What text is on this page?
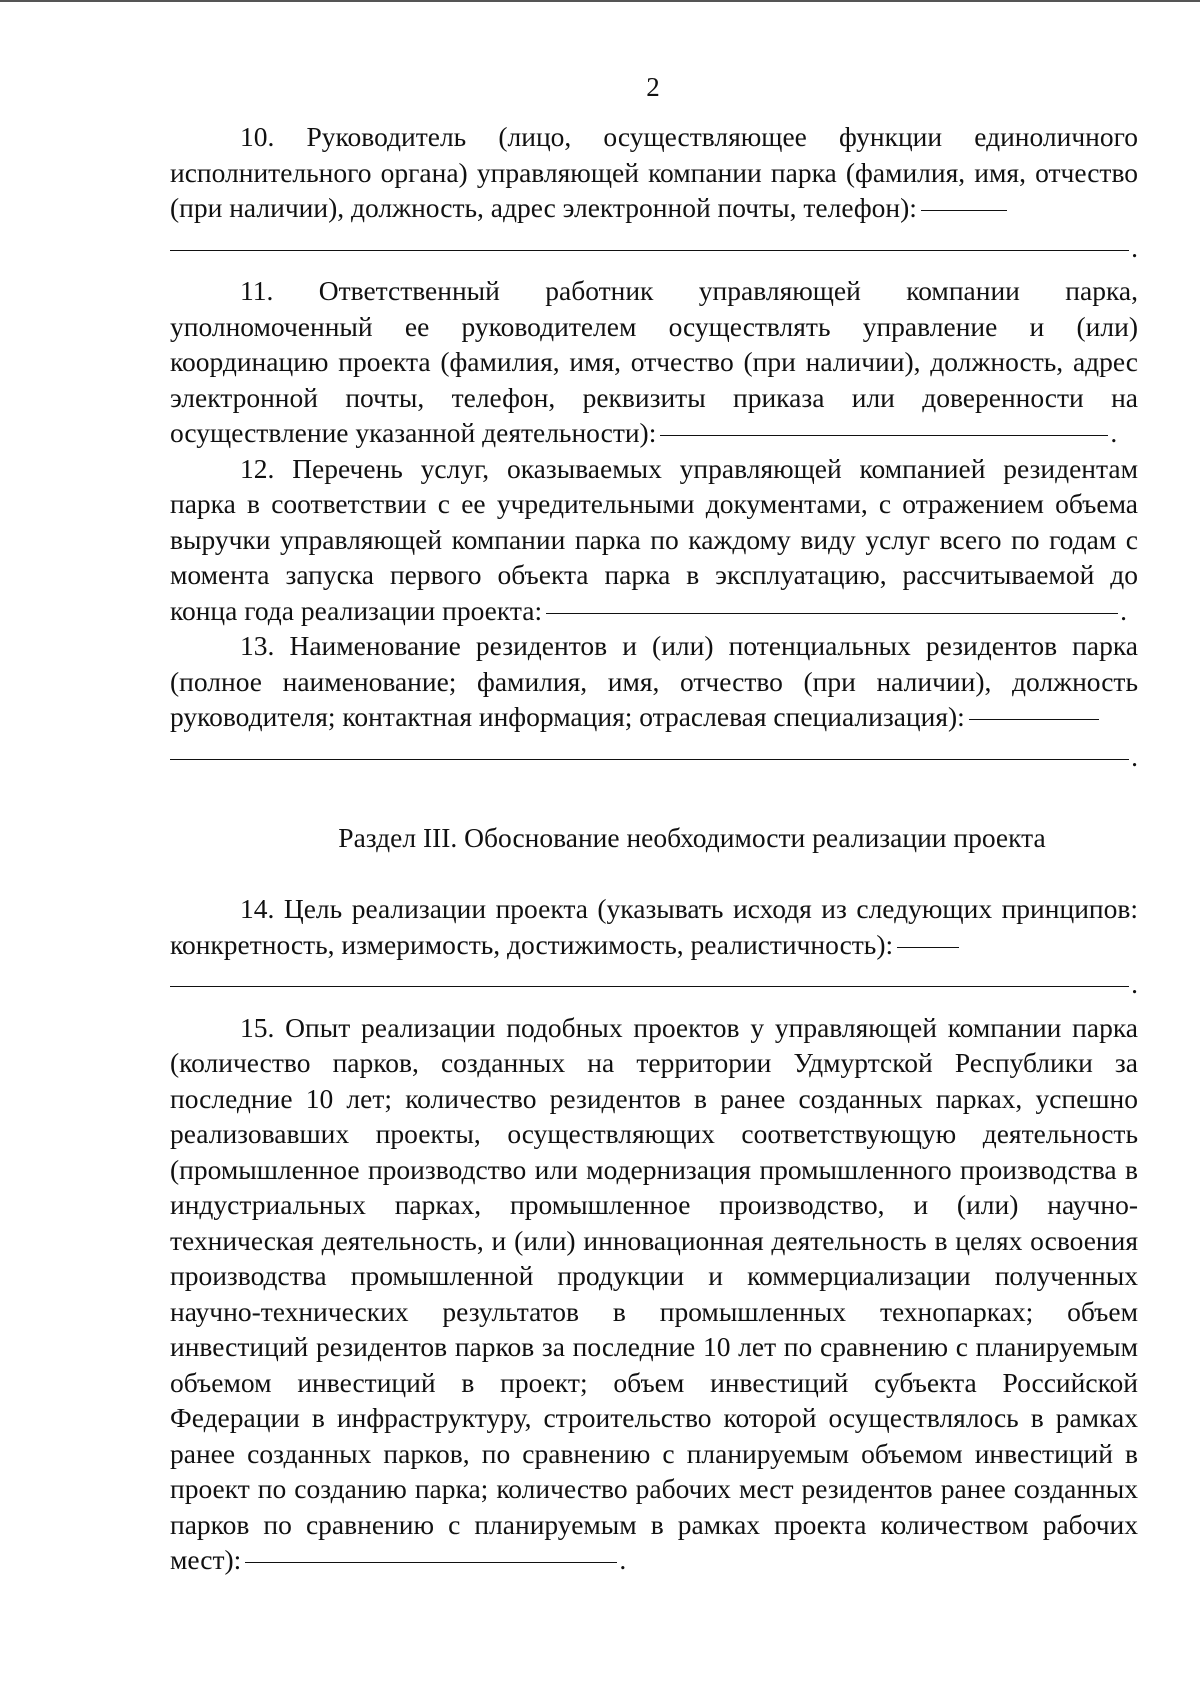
2

10. Руководитель (лицо, осуществляющее функции единоличного исполнительного органа) управляющей компании парка (фамилия, имя, отчество (при наличии), должность, адрес электронной почты, телефон):

.

11. Ответственный работник управляющей компании парка, уполномоченный ее руководителем осуществлять управление и (или) координацию проекта (фамилия, имя, отчество (при наличии), должность, адрес электронной почты, телефон, реквизиты приказа или доверенности на осуществление указанной деятельности):	.

12. Перечень услуг, оказываемых управляющей компанией резидентам парка в соответствии с ее учредительными документами, с отражением объема выручки управляющей компании парка по каждому виду услуг всего по годам с момента запуска первого объекта парка в эксплуатацию, рассчитываемой до конца года реализации проекта:	.

13. Наименование резидентов и (или) потенциальных резидентов парка (полное наименование; фамилия, имя, отчество (при наличии), должность руководителя; контактная информация; отраслевая специализация):

.
Раздел III. Обоснование необходимости реализации проекта

14. Цель реализации проекта (указывать исходя из следующих принципов: конкретность, измеримость, достижимость, реалистичность):

.

15. Опыт реализации подобных проектов у управляющей компании парка (количество парков, созданных на территории Удмуртской Республики за последние 10 лет; количество резидентов в ранее созданных парках, успешно реализовавших проекты, осуществляющих соответствующую деятельность (промышленное производство или модернизация промышленного производства в индустриальных парках, промышленное производство, и (или) научно-техническая деятельность, и (или) инновационная деятельность в целях освоения производства промышленной продукции и коммерциализации полученных научно-технических результатов в промышленных технопарках; объем инвестиций резидентов парков за последние 10 лет по сравнению с планируемым объемом инвестиций в проект; объем инвестиций субъекта Российской Федерации в инфраструктуру, строительство которой осуществлялось в рамках ранее созданных парков, по сравнению с планируемым объемом инвестиций в проект по созданию парка; количество рабочих мест резидентов ранее созданных парков по сравнению с планируемым в рамках проекта количеством рабочих мест):	.
